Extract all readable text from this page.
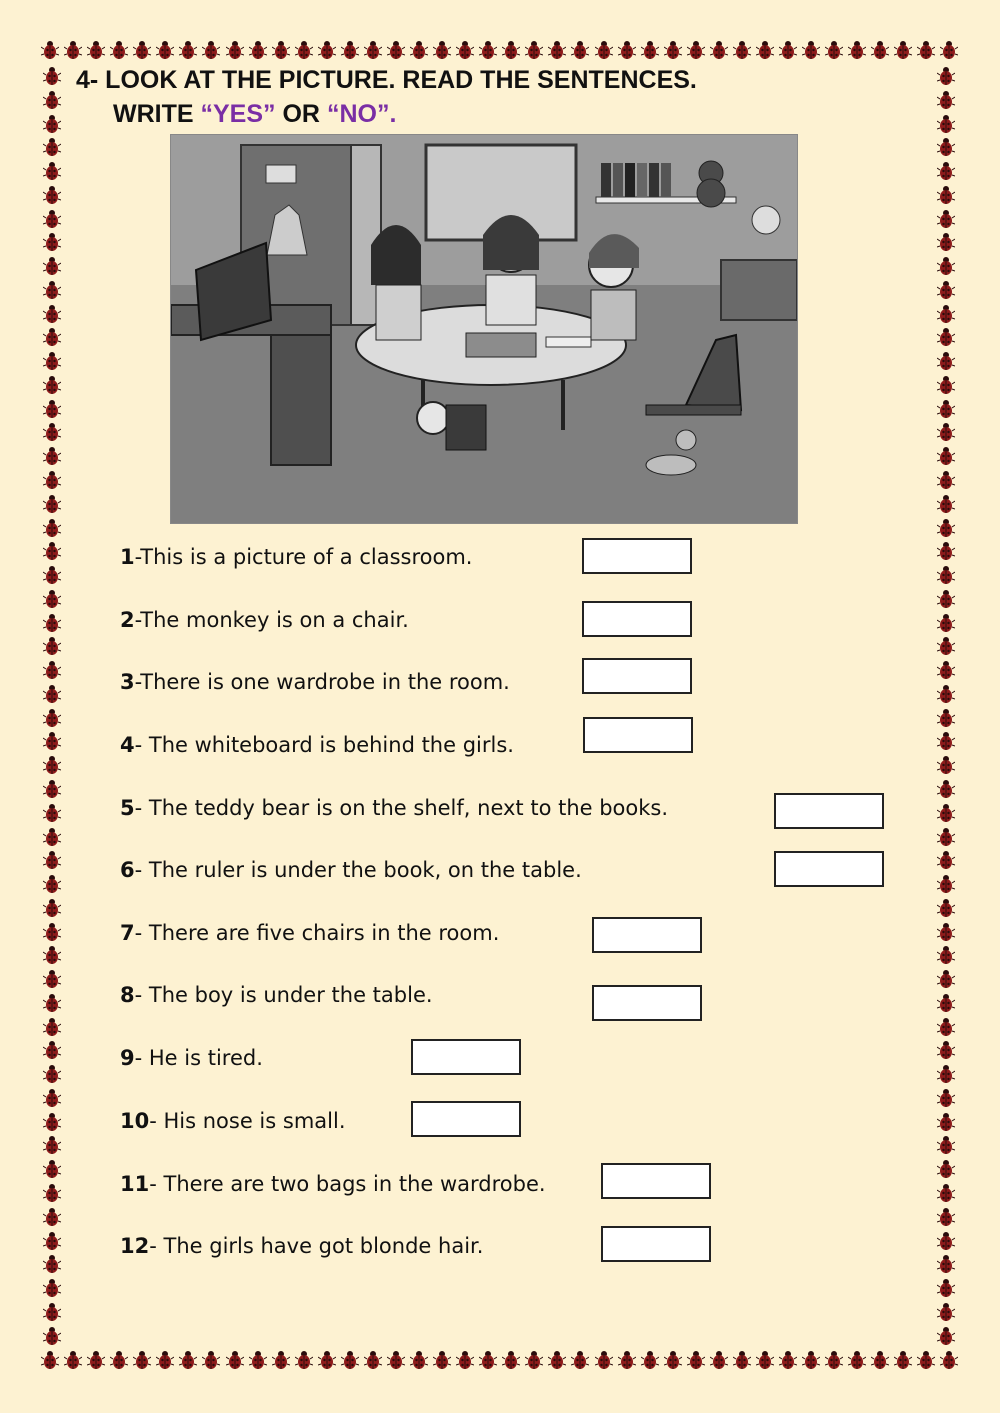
4- LOOK AT THE PICTURE. READ THE SENTENCES.
WRITE “YES” OR “NO”.
1-This is a picture of a classroom.
2-The monkey is on a chair.
3-There is one wardrobe in the room.
4- The whiteboard is behind the girls.
5- The teddy bear is on the shelf, next to the books.
6- The ruler is under the book, on the table.
7- There are five chairs in the room.
8- The boy is under the table.
9- He is tired.
10- His nose is small.
11- There are two bags in the wardrobe.
12- The girls have got blonde hair.
